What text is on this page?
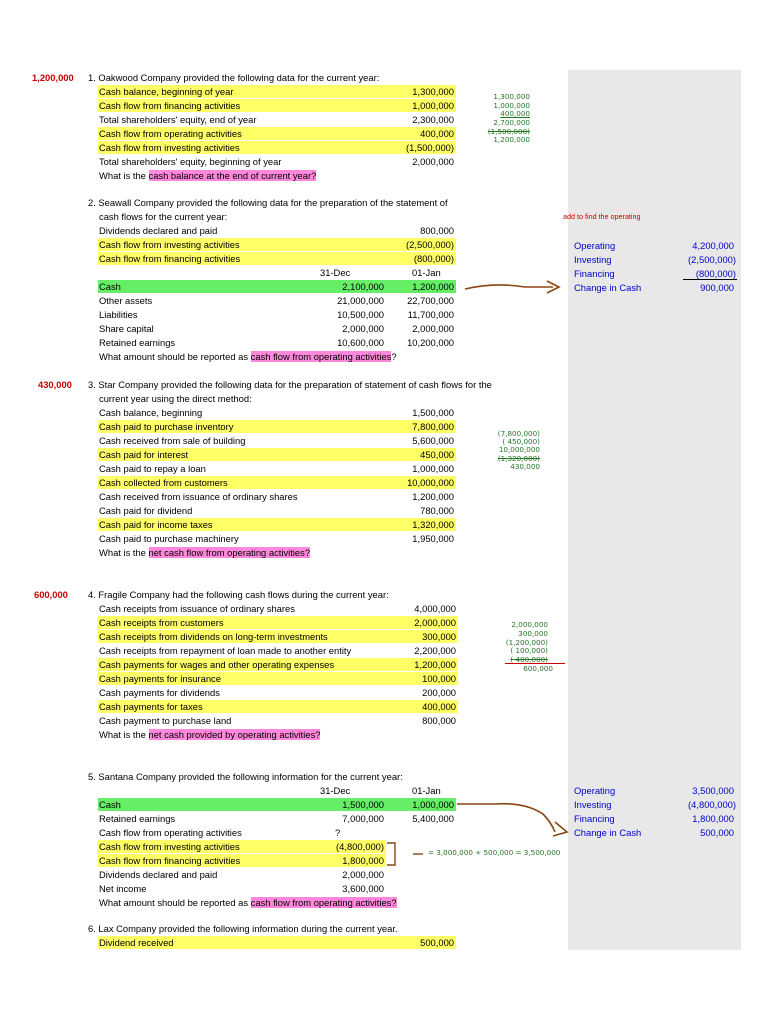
1,200,000 1. Oakwood Company provided the following data for the current year:
Cash balance, beginning of year	1,300,000
Cash flow from financing activities	1,000,000
Total shareholders' equity, end of year	2,300,000
Cash flow from operating activities	400,000
Cash flow from investing activities	(1,500,000)
Total shareholders' equity, beginning of year	2,000,000
What is the cash balance at the end of current year?
1,300,000
1,000,000
400,000
2,700,000
(1,500,000)
1,200,000
2. Seawall Company provided the following data for the preparation of the statement of
cash flows for the current year:
Dividends declared and paid	800,000
Cash flow from investing activities	(2,500,000)
Cash flow from financing activities	(800,000)
31-Dec	01-Jan
Cash	2,100,000	1,200,000
Other assets	21,000,000	22,700,000
Liabilities	10,500,000	11,700,000
Share capital	2,000,000	2,000,000
Retained earnings	10,600,000	10,200,000
What amount should be reported as cash flow from operating activities?
add to find the operating
Operating	4,200,000
Investing	(2,500,000)
Financing	(800,000)
Change in Cash	900,000
430,000 3. Star Company provided the following data for the preparation of statement of cash flows for the
current year using the direct method:
Cash balance, beginning	1,500,000
Cash paid to purchase inventory	7,800,000
Cash received from sale of building	5,600,000
Cash paid for interest	450,000
Cash paid to repay a loan	1,000,000
Cash collected from customers	10,000,000
Cash received from issuance of ordinary shares	1,200,000
Cash paid for dividend	780,000
Cash paid for income taxes	1,320,000
Cash paid to purchase machinery	1,950,000
What is the net cash flow from operating activities?
(7,800,000)
( 450,000)
10,000,000
(1,320,000)
430,000
600,000 4. Fragile Company had the following cash flows during the current year:
Cash receipts from issuance of ordinary shares	4,000,000
Cash receipts from customers	2,000,000
Cash receipts from dividends on long-term investments	300,000
Cash receipts from repayment of loan made to another entity	2,200,000
Cash payments for wages and other operating expenses	1,200,000
Cash payments for insurance	100,000
Cash payments for dividends	200,000
Cash payments for taxes	400,000
Cash payment to purchase land	800,000
What is the net cash provided by operating activities?
2,000,000
300,000
(1,200,000)
( 100,000)
( 400,000)
600,000
5. Santana Company provided the following information for the current year:
31-Dec	01-Jan
Cash	1,500,000	1,000,000
Retained earnings	7,000,000	5,400,000
Cash flow from operating activities	?
Cash flow from investing activities	(4,800,000)
Cash flow from financing activities	1,800,000
Dividends declared and paid	2,000,000
Net income	3,600,000
What amount should be reported as cash flow from operating activities?
= 3,000,000 + 500,000 = 3,500,000
Operating	3,500,000
Investing	(4,800,000)
Financing	1,800,000
Change in Cash	500,000
6. Lax Company provided the following information during the current year.
Dividend received	500,000
